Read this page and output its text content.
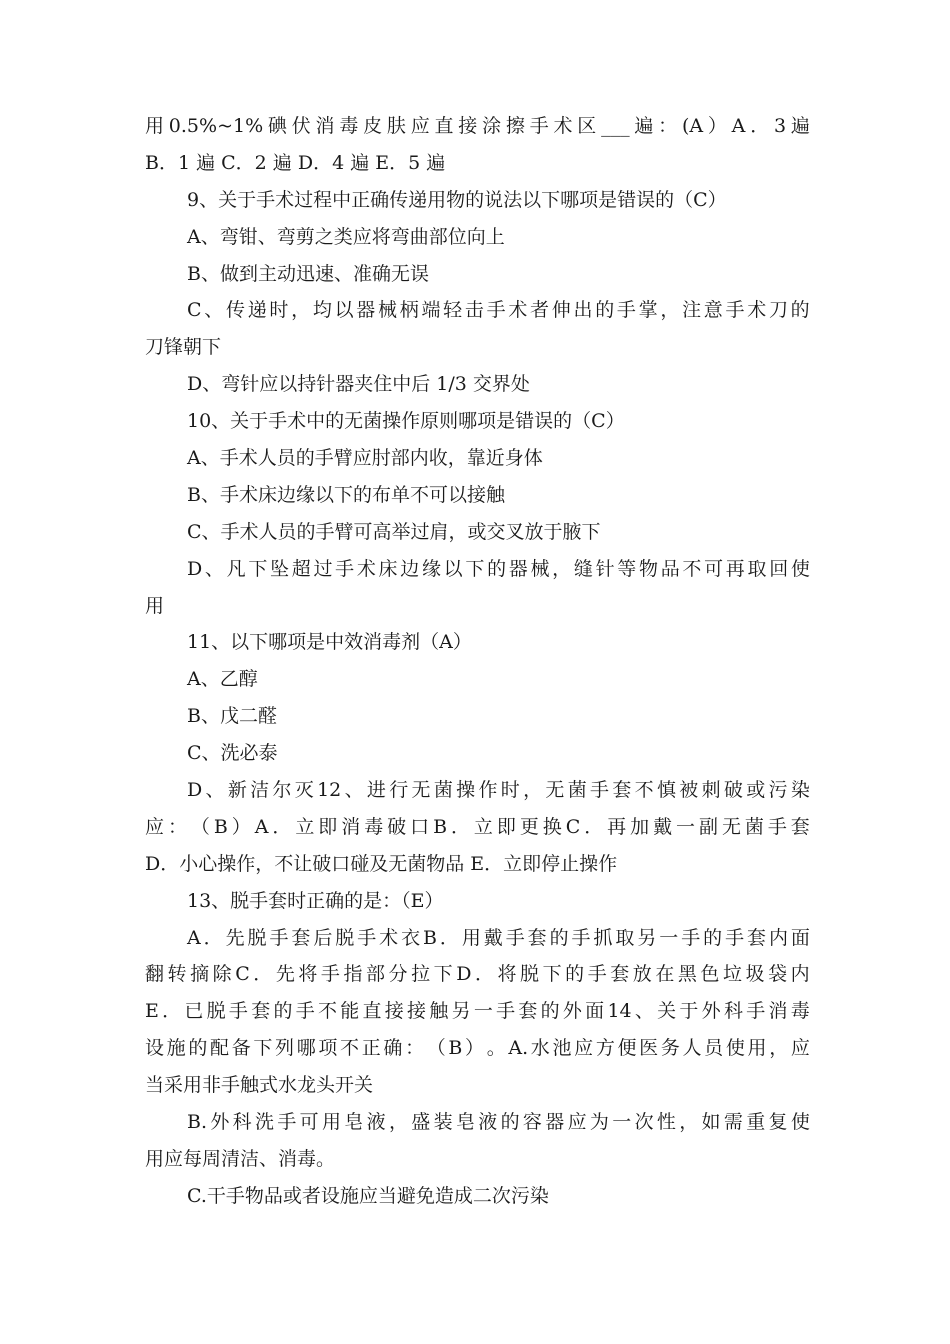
用 0.5%~1% 碘 伏 消 毒 皮 肤 应 直 接 涂 擦 手 术 区 ___ 遍 ： (A ） A ． 3 遍
B．1 遍 C．2 遍 D．4 遍 E．5 遍
9、关于手术过程中正确传递用物的说法以下哪项是错误的（C）
A、弯钳、弯剪之类应将弯曲部位向上
B、做到主动迅速、准确无误
C 、 传 递 时 ， 均 以 器 械 柄 端 轻 击 手 术 者 伸 出 的 手 掌 ， 注 意 手 术 刀 的
刀锋朝下
D、弯针应以持针器夹住中后 1/3 交界处
10、关于手术中的无菌操作原则哪项是错误的（C）
A、手术人员的手臂应肘部内收，靠近身体
B、手术床边缘以下的布单不可以接触
C、手术人员的手臂可高举过肩，或交叉放于腋下
D 、 凡 下 坠 超 过 手 术 床 边 缘 以 下 的 器 械 ， 缝 针 等 物 品 不 可 再 取 回 使
用
11、以下哪项是中效消毒剂（A）
A、乙醇
B、戊二醛
C、洗必泰
D 、 新 洁 尔 灭 12 、 进 行 无 菌 操 作 时 ， 无 菌 手 套 不 慎 被 刺 破 或 污 染
应 ： （ B ） A ． 立 即 消 毒 破 口 B ． 立 即 更 换 C ． 再 加 戴 一 副 无 菌 手 套
D．小心操作，不让破口碰及无菌物品 E．立即停止操作
13、脱手套时正确的是：（E）
A ． 先 脱 手 套 后 脱 手 术 衣 B ． 用 戴 手 套 的 手 抓 取 另 一 手 的 手 套 内 面
翻 转 摘 除 C ． 先 将 手 指 部 分 拉 下 D ． 将 脱 下 的 手 套 放 在 黑 色 垃 圾 袋 内
E ． 已 脱 手 套 的 手 不 能 直 接 接 触 另 一 手 套 的 外 面 14 、 关 于 外 科 手 消 毒
设 施 的 配 备 下 列 哪 项 不 正 确 ： （ B ） 。 A. 水 池 应 方 便 医 务 人 员 使 用 ， 应
当采用非手触式水龙头开关
B. 外 科 洗 手 可 用 皂 液 ， 盛 装 皂 液 的 容 器 应 为 一 次 性 ， 如 需 重 复 使
用应每周清洁、消毒。
C.干手物品或者设施应当避免造成二次污染
